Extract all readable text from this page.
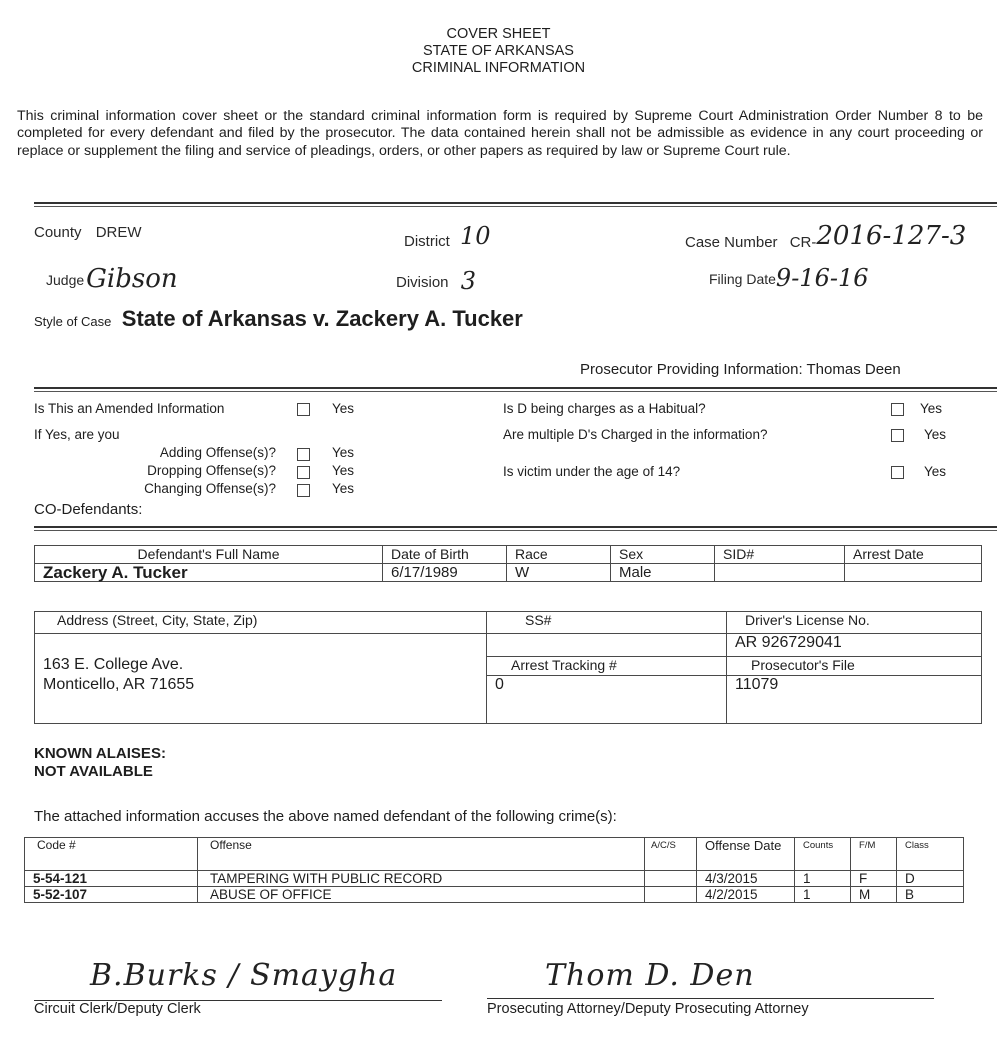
COVER SHEET
STATE OF ARKANSAS
CRIMINAL INFORMATION
This criminal information cover sheet or the standard criminal information form is required by Supreme Court Administration Order Number 8 to be completed for every defendant and filed by the prosecutor. The data contained herein shall not be admissible as evidence in any court proceeding or replace or supplement the filing and service of pleadings, orders, or other papers as required by law or Supreme Court rule.
County DREW
District 10	Case Number CR-2016-127-3
JudgeGibson	Division 3	Filing Date9-16-16
Style of Case State of Arkansas v. Zackery A. Tucker
Prosecutor Providing Information: Thomas Deen
Is This an Amended Information	Yes
If Yes, are you
Adding Offense(s)?	Yes
Dropping Offense(s)?	Yes
Changing Offense(s)?	Yes
CO-Defendants:
Is D being charges as a Habitual?	Yes
Are multiple D's Charged in the information?	Yes
Is victim under the age of 14?	Yes
Defendant's Full Name	Date of Birth	Race	Sex	SID#	Arrest Date
Zackery A. Tucker	6/17/1989	W	Male		
Address (Street, City, State, Zip)	SS#	Driver's License No.

163 E. College Ave.
Monticello, AR 71655		AR 926729041
	Arrest Tracking #	Prosecutor's File
	0	11079
KNOWN ALAISES:
NOT AVAILABLE
The attached information accuses the above named defendant of the following crime(s):
Code #	Offense	A/C/S	Offense Date	Counts	F/M	Class
5-54-121	TAMPERING WITH PUBLIC RECORD		4/3/2015	1	F	D
5-52-107	ABUSE OF OFFICE		4/2/2015	1	M	B
B.Burks / Smaygha
Circuit Clerk/Deputy Clerk
Thom D. Den
Prosecuting Attorney/Deputy Prosecuting Attorney
